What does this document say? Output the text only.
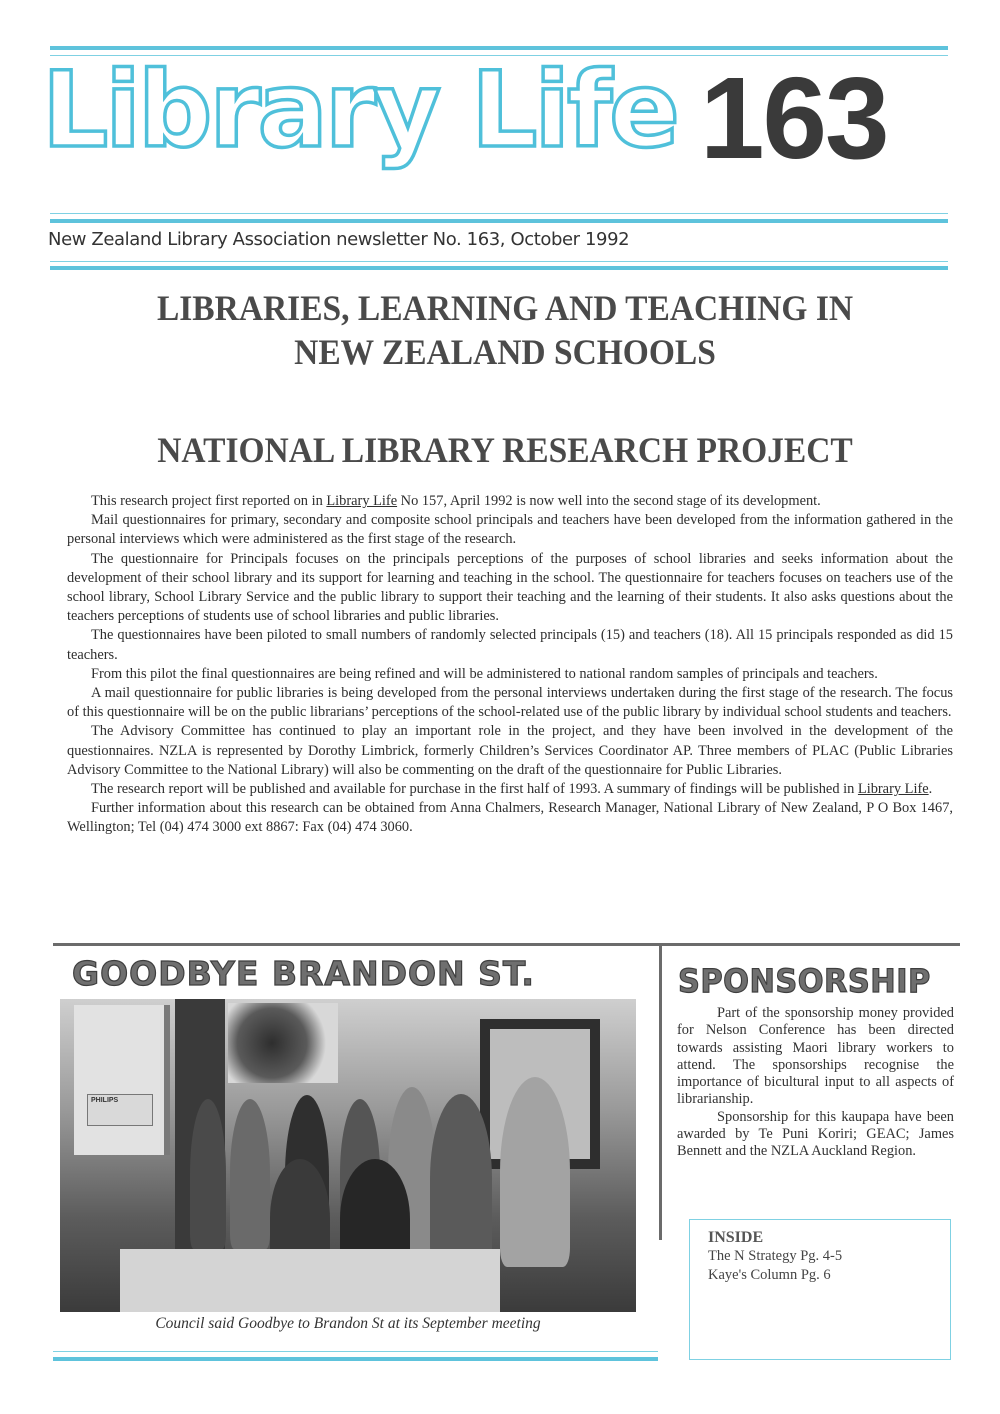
Library Life 163
New Zealand Library Association newsletter No. 163, October 1992
LIBRARIES, LEARNING AND TEACHING IN
NEW ZEALAND SCHOOLS
NATIONAL LIBRARY RESEARCH PROJECT

This research project first reported on in Library Life No 157, April 1992 is now well into the second stage of its development.

Mail questionnaires for primary, secondary and composite school principals and teachers have been developed from the information gathered in the personal interviews which were administered as the first stage of the research.

The questionnaire for Principals focuses on the principals perceptions of the purposes of school libraries and seeks information about the development of their school library and its support for learning and teaching in the school. The questionnaire for teachers focuses on teachers use of the school library, School Library Service and the public library to support their teaching and the learning of their students. It also asks questions about the teachers perceptions of students use of school libraries and public libraries.

The questionnaires have been piloted to small numbers of randomly selected principals (15) and teachers (18). All 15 principals responded as did 15 teachers.

From this pilot the final questionnaires are being refined and will be administered to national random samples of principals and teachers.

A mail questionnaire for public libraries is being developed from the personal interviews undertaken during the first stage of the research. The focus of this questionnaire will be on the public librarians’ perceptions of the school-related use of the public library by individual school students and teachers.

The Advisory Committee has continued to play an important role in the project, and they have been involved in the development of the questionnaires. NZLA is represented by Dorothy Limbrick, formerly Children’s Services Coordinator AP. Three members of PLAC (Public Libraries Advisory Committee to the National Library) will also be commenting on the draft of the questionnaire for Public Libraries.

The research report will be published and available for purchase in the first half of 1993. A summary of findings will be published in Library Life.

Further information about this research can be obtained from Anna Chalmers, Research Manager, National Library of New Zealand, P O Box 1467, Wellington; Tel (04) 474 3000 ext 8867: Fax (04) 474 3060.

GOODBYE BRANDON ST.
PHILIPS
Council said Goodbye to Brandon St at its September meeting
SPONSORSHIP

Part of the sponsorship money provided for Nelson Conference has been directed towards assisting Maori library workers to attend. The sponsorships recognise the importance of bicultural input to all aspects of librarianship.

Sponsorship for this kaupapa have been awarded by Te Puni Koriri; GEAC; James Bennett and the NZLA Auckland Region.

INSIDE
The N Strategy Pg. 4-5
Kaye's Column Pg. 6
